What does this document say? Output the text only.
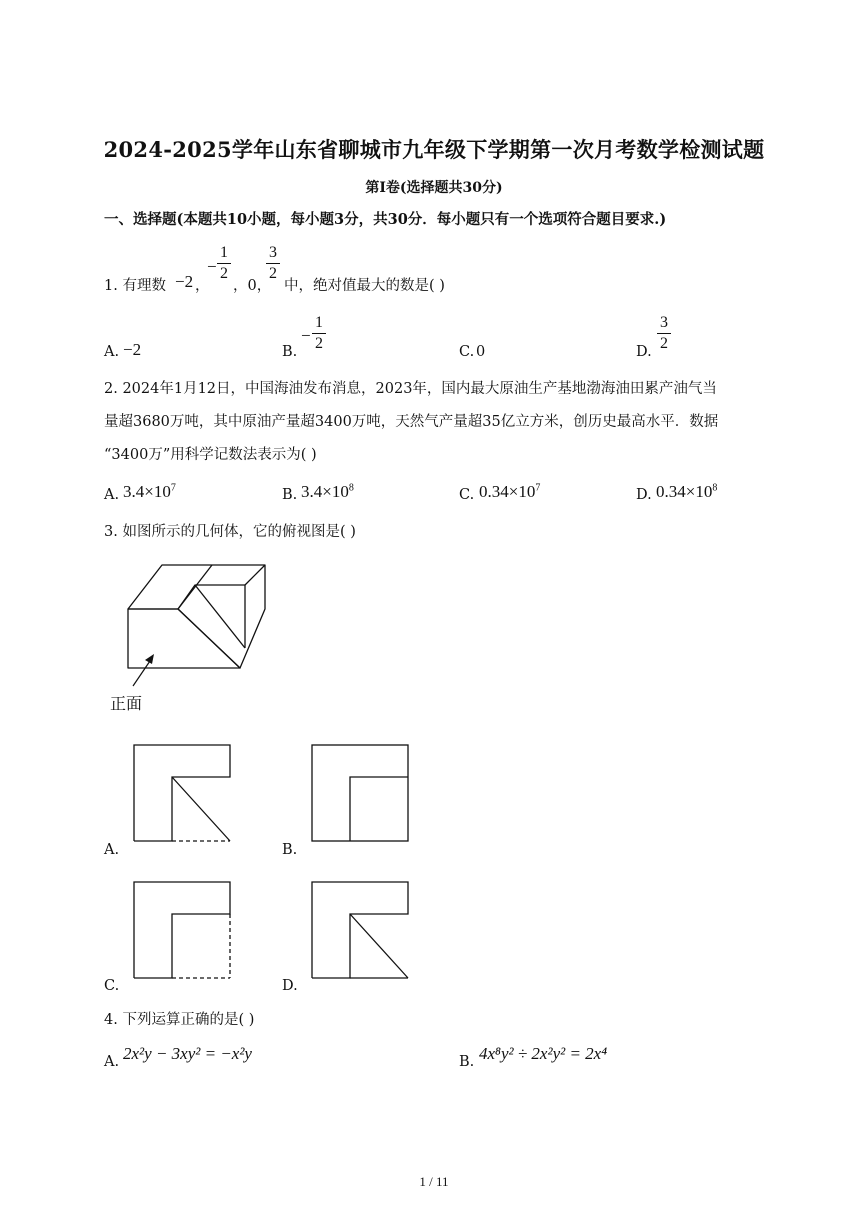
2024-2025学年山东省聊城市九年级下学期第一次月考数学检测试题
第Ⅰ卷(选择题共30分)
一、选择题(本题共10小题，每小题3分，共30分．每小题只有一个选项符合题目要求.)
1. 有理数 −2 ，
−
1
2
，0，
3
2
中，绝对值最大的数是( )
A. −2	B.
−
1
2	C. 0	D.
3
2
2. 2024年1月12日，中国海油发布消息，2023年，国内最大原油生产基地渤海油田累产油气当
量超3680万吨，其中原油产量超3400万吨，天然气产量超35亿立方米，创历史最高水平．数据
“3400万”用科学记数法表示为( )
A. $3.4\times 10^7$	B. $3.4\times 10^8$	C. $0.34\times 10^7$	D. $0.34\times 10^8$
3. 如图所示的几何体，它的俯视图是( )
正面
A.	B.
C.	D.
4. 下列运算正确的是( )
A. 2x²y − 3xy² = −x²y	B. 4x⁸y² ÷ 2x²y² = 2x⁴
1 / 11
